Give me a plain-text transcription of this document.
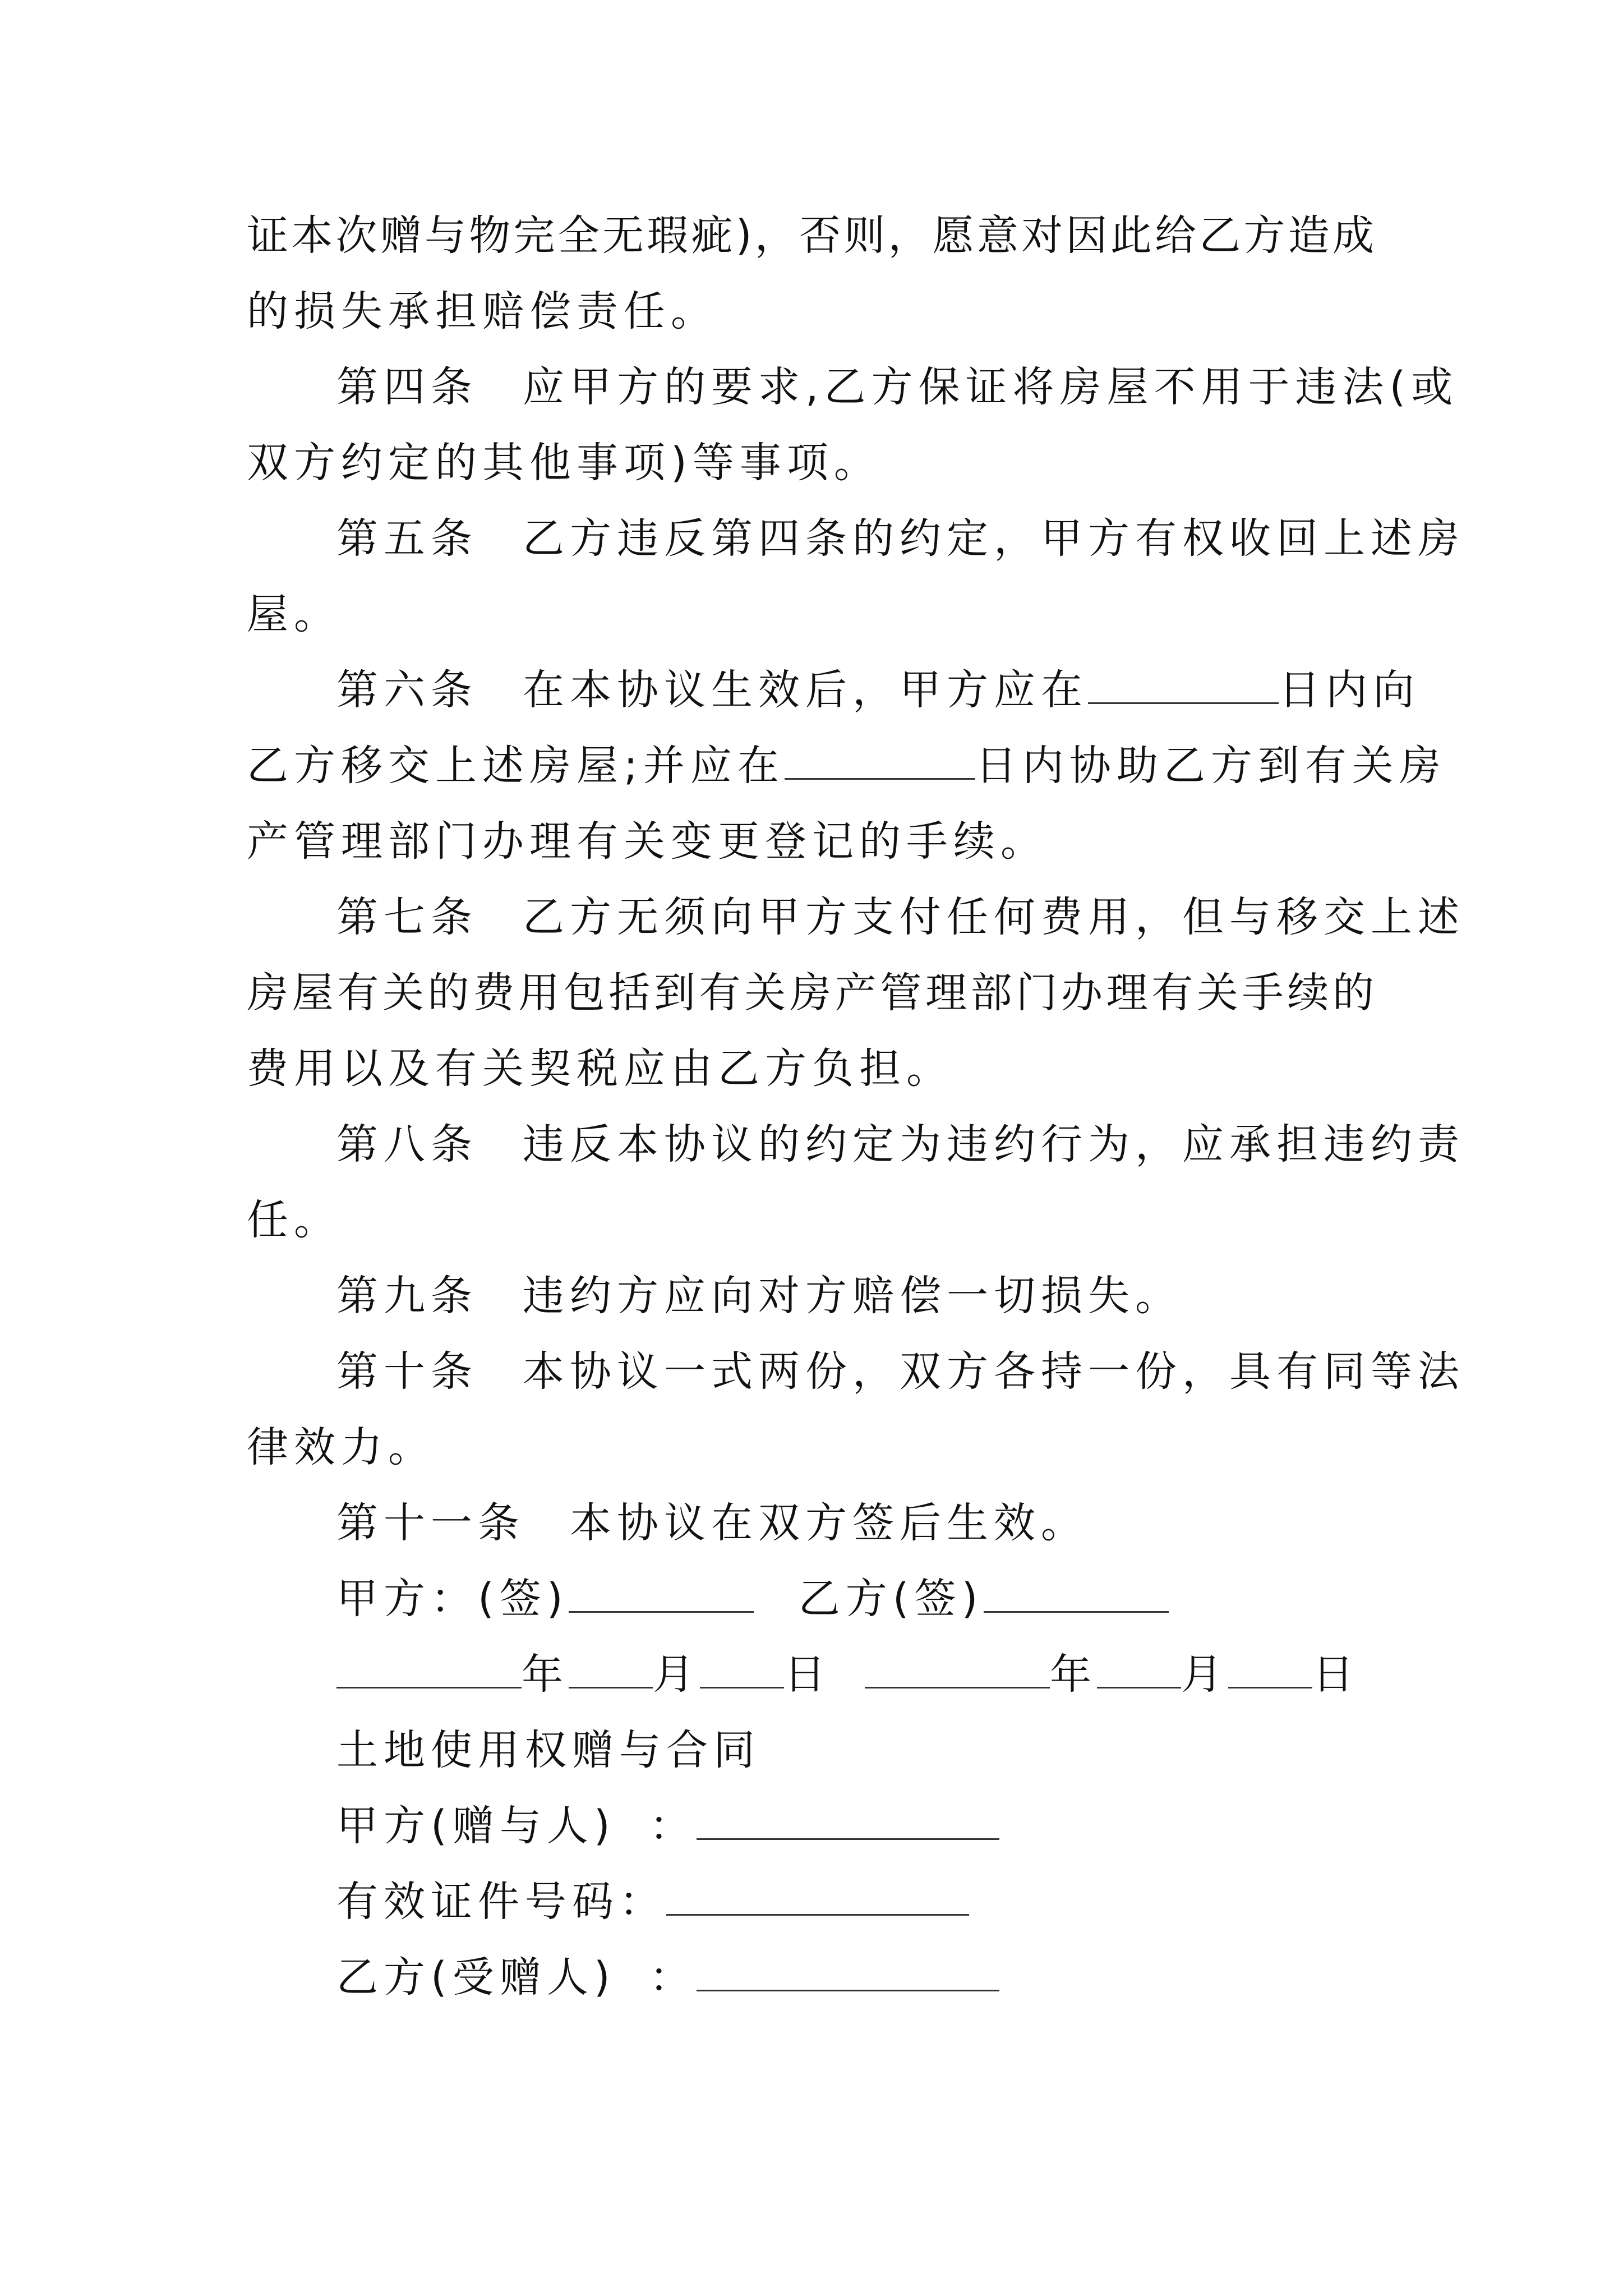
证本次赠与物完全无瑕疵)，否则，愿意对因此给乙方造成
的损失承担赔偿责任。
第四条 应甲方的要求,乙方保证将房屋不用于违法(或
双方约定的其他事项)等事项。
第五条 乙方违反第四条的约定，甲方有权收回上述房
屋。
第六条 在本协议生效后，甲方应在	日内向
乙方移交上述房屋;并应在	日内协助乙方到有关房
产管理部门办理有关变更登记的手续。
第七条 乙方无须向甲方支付任何费用，但与移交上述
房屋有关的费用包括到有关房产管理部门办理有关手续的
费用以及有关契税应由乙方负担。
第八条 违反本协议的约定为违约行为，应承担违约责
任。
第九条 违约方应向对方赔偿一切损失。
第十条 本协议一式两份，双方各持一份，具有同等法
律效力。
第十一条 本协议在双方签后生效。
甲方：(签)	乙方(签)
年 月 日	年 月 日
土地使用权赠与合同
甲方(赠与人) ：
有效证件号码：
乙方(受赠人) ：
